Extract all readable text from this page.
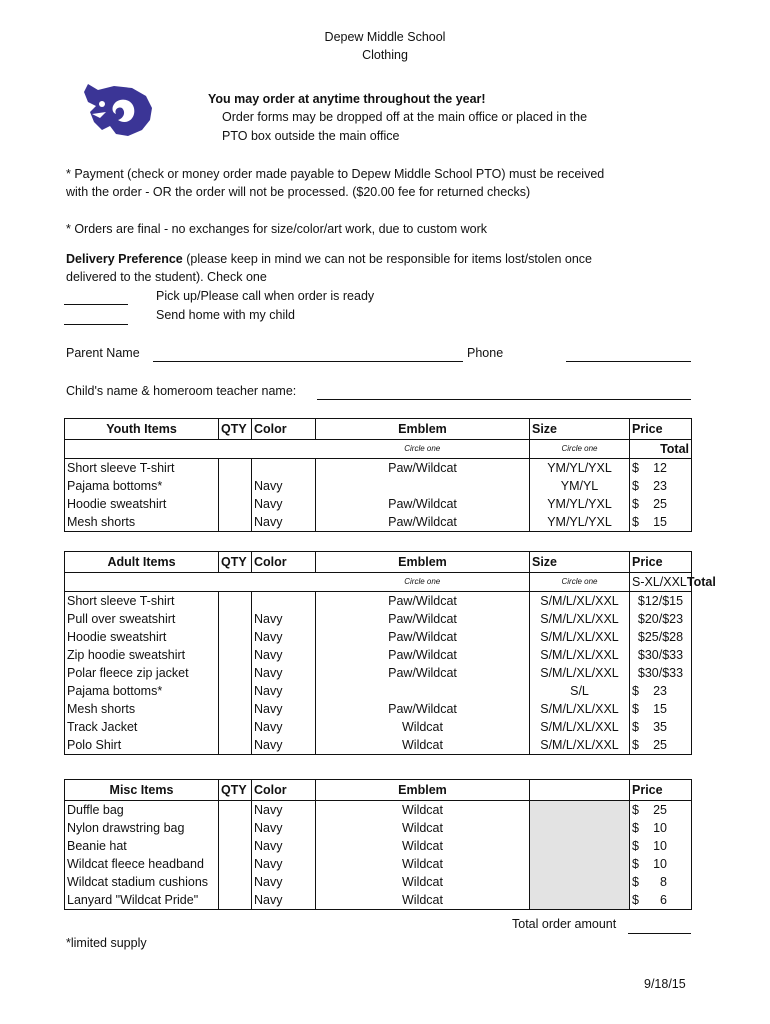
Depew Middle School
Clothing
You may order at anytime throughout the year!
Order forms may be dropped off at the main office or placed in the
PTO box outside the main office
* Payment (check or money order made payable to Depew Middle School PTO) must be received
with the order - OR the order will not be processed. ($20.00 fee for returned checks)
* Orders are final - no exchanges for size/color/art work, due to custom work
Delivery Preference (please keep in mind we can not be responsible for items lost/stolen once
delivered to the student). Check one
Pick up/Please call when order is ready
Send home with my child
Parent Name	Phone
Child's name & homeroom teacher name:
Youth Items	QTY	Color	Emblem	Size	Price
			Circle one	Circle one	Total
Short sleeve T-shirt			Paw/Wildcat	YM/YL/YXL	$ 12

Pajama bottoms*		Navy		YM/YL	$ 23

Hoodie sweatshirt		Navy	Paw/Wildcat	YM/YL/YXL	$ 25

Mesh shorts		Navy	Paw/Wildcat	YM/YL/YXL	$ 15
Adult Items	QTY	Color	Emblem	Size	Price
			Circle one	Circle one	S-XL/XXL Total

Short sleeve T-shirt			Paw/Wildcat	S/M/L/XL/XXL	$12/$15
Pull over sweatshirt		Navy	Paw/Wildcat	S/M/L/XL/XXL	$20/$23
Hoodie sweatshirt		Navy	Paw/Wildcat	S/M/L/XL/XXL	$25/$28
Zip hoodie sweatshirt		Navy	Paw/Wildcat	S/M/L/XL/XXL	$30/$33
Polar fleece zip jacket		Navy	Paw/Wildcat	S/M/L/XL/XXL	$30/$33
Pajama bottoms*		Navy		S/L	$ 23

Mesh shorts		Navy	Paw/Wildcat	S/M/L/XL/XXL	$ 15

Track Jacket		Navy	Wildcat	S/M/L/XL/XXL	$ 35

Polo Shirt		Navy	Wildcat	S/M/L/XL/XXL	$ 25
Misc Items	QTY	Color	Emblem		Price
Duffle bag		Navy	Wildcat		$ 25

Nylon drawstring bag		Navy	Wildcat		$ 10

Beanie hat		Navy	Wildcat		$ 10

Wildcat fleece headband		Navy	Wildcat		$ 10

Wildcat stadium cushions		Navy	Wildcat		$ 8

Lanyard "Wildcat Pride"		Navy	Wildcat		$ 6
Total order amount
*limited supply
9/18/15
